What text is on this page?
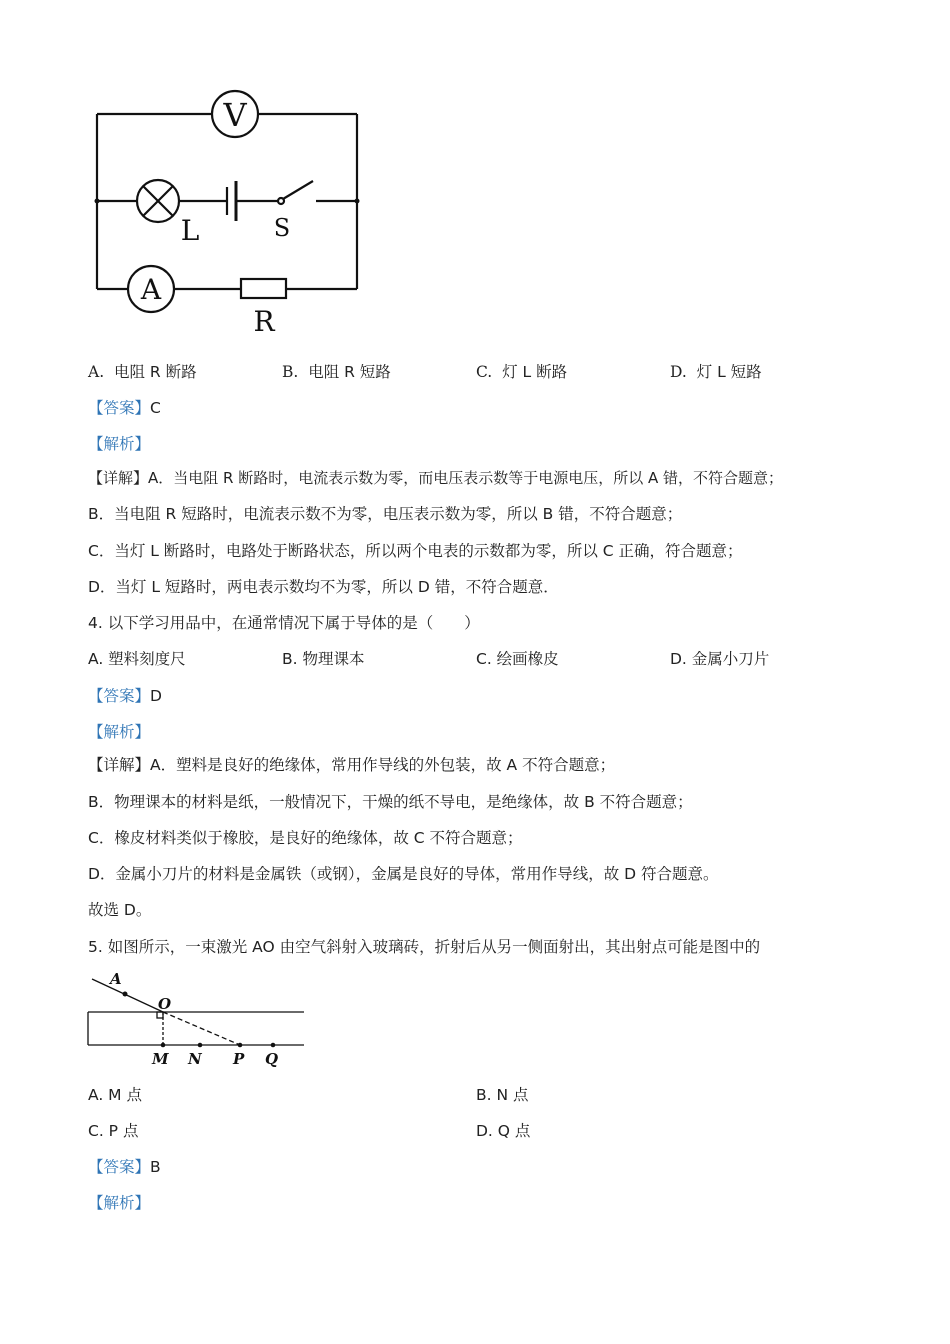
V
A
L	S
R
A. 电阻 R 断路	B. 电阻 R 短路	C. 灯 L 断路	D. 灯 L 短路
【答案】C
【解析】
【详解】A．当电阻 R 断路时，电流表示数为零，而电压表示数等于电源电压，所以 A 错，不符合题意；
B．当电阻 R 短路时，电流表示数不为零，电压表示数为零，所以 B 错，不符合题意；
C．当灯 L 断路时，电路处于断路状态，所以两个电表的示数都为零，所以 C 正确，符合题意；
D．当灯 L 短路时，两电表示数均不为零，所以 D 错，不符合题意．
4. 以下学习用品中，在通常情况下属于导体的是（　　）
A. 塑料刻度尺	B. 物理课本	C. 绘画橡皮	D. 金属小刀片
【答案】D
【解析】
【详解】A．塑料是良好的绝缘体，常用作导线的外包装，故 A 不符合题意；
B．物理课本的材料是纸，一般情况下，干燥的纸不导电，是绝缘体，故 B 不符合题意；
C．橡皮材料类似于橡胶，是良好的绝缘体，故 C 不符合题意；
D．金属小刀片的材料是金属铁（或钢），金属是良好的导体，常用作导线，故 D 符合题意。
故选 D。
5. 如图所示，一束激光 AO 由空气斜射入玻璃砖，折射后从另一侧面射出，其出射点可能是图中的
A
O
M N P Q
A. M 点	B. N 点
C. P 点	D. Q 点
【答案】B
【解析】
